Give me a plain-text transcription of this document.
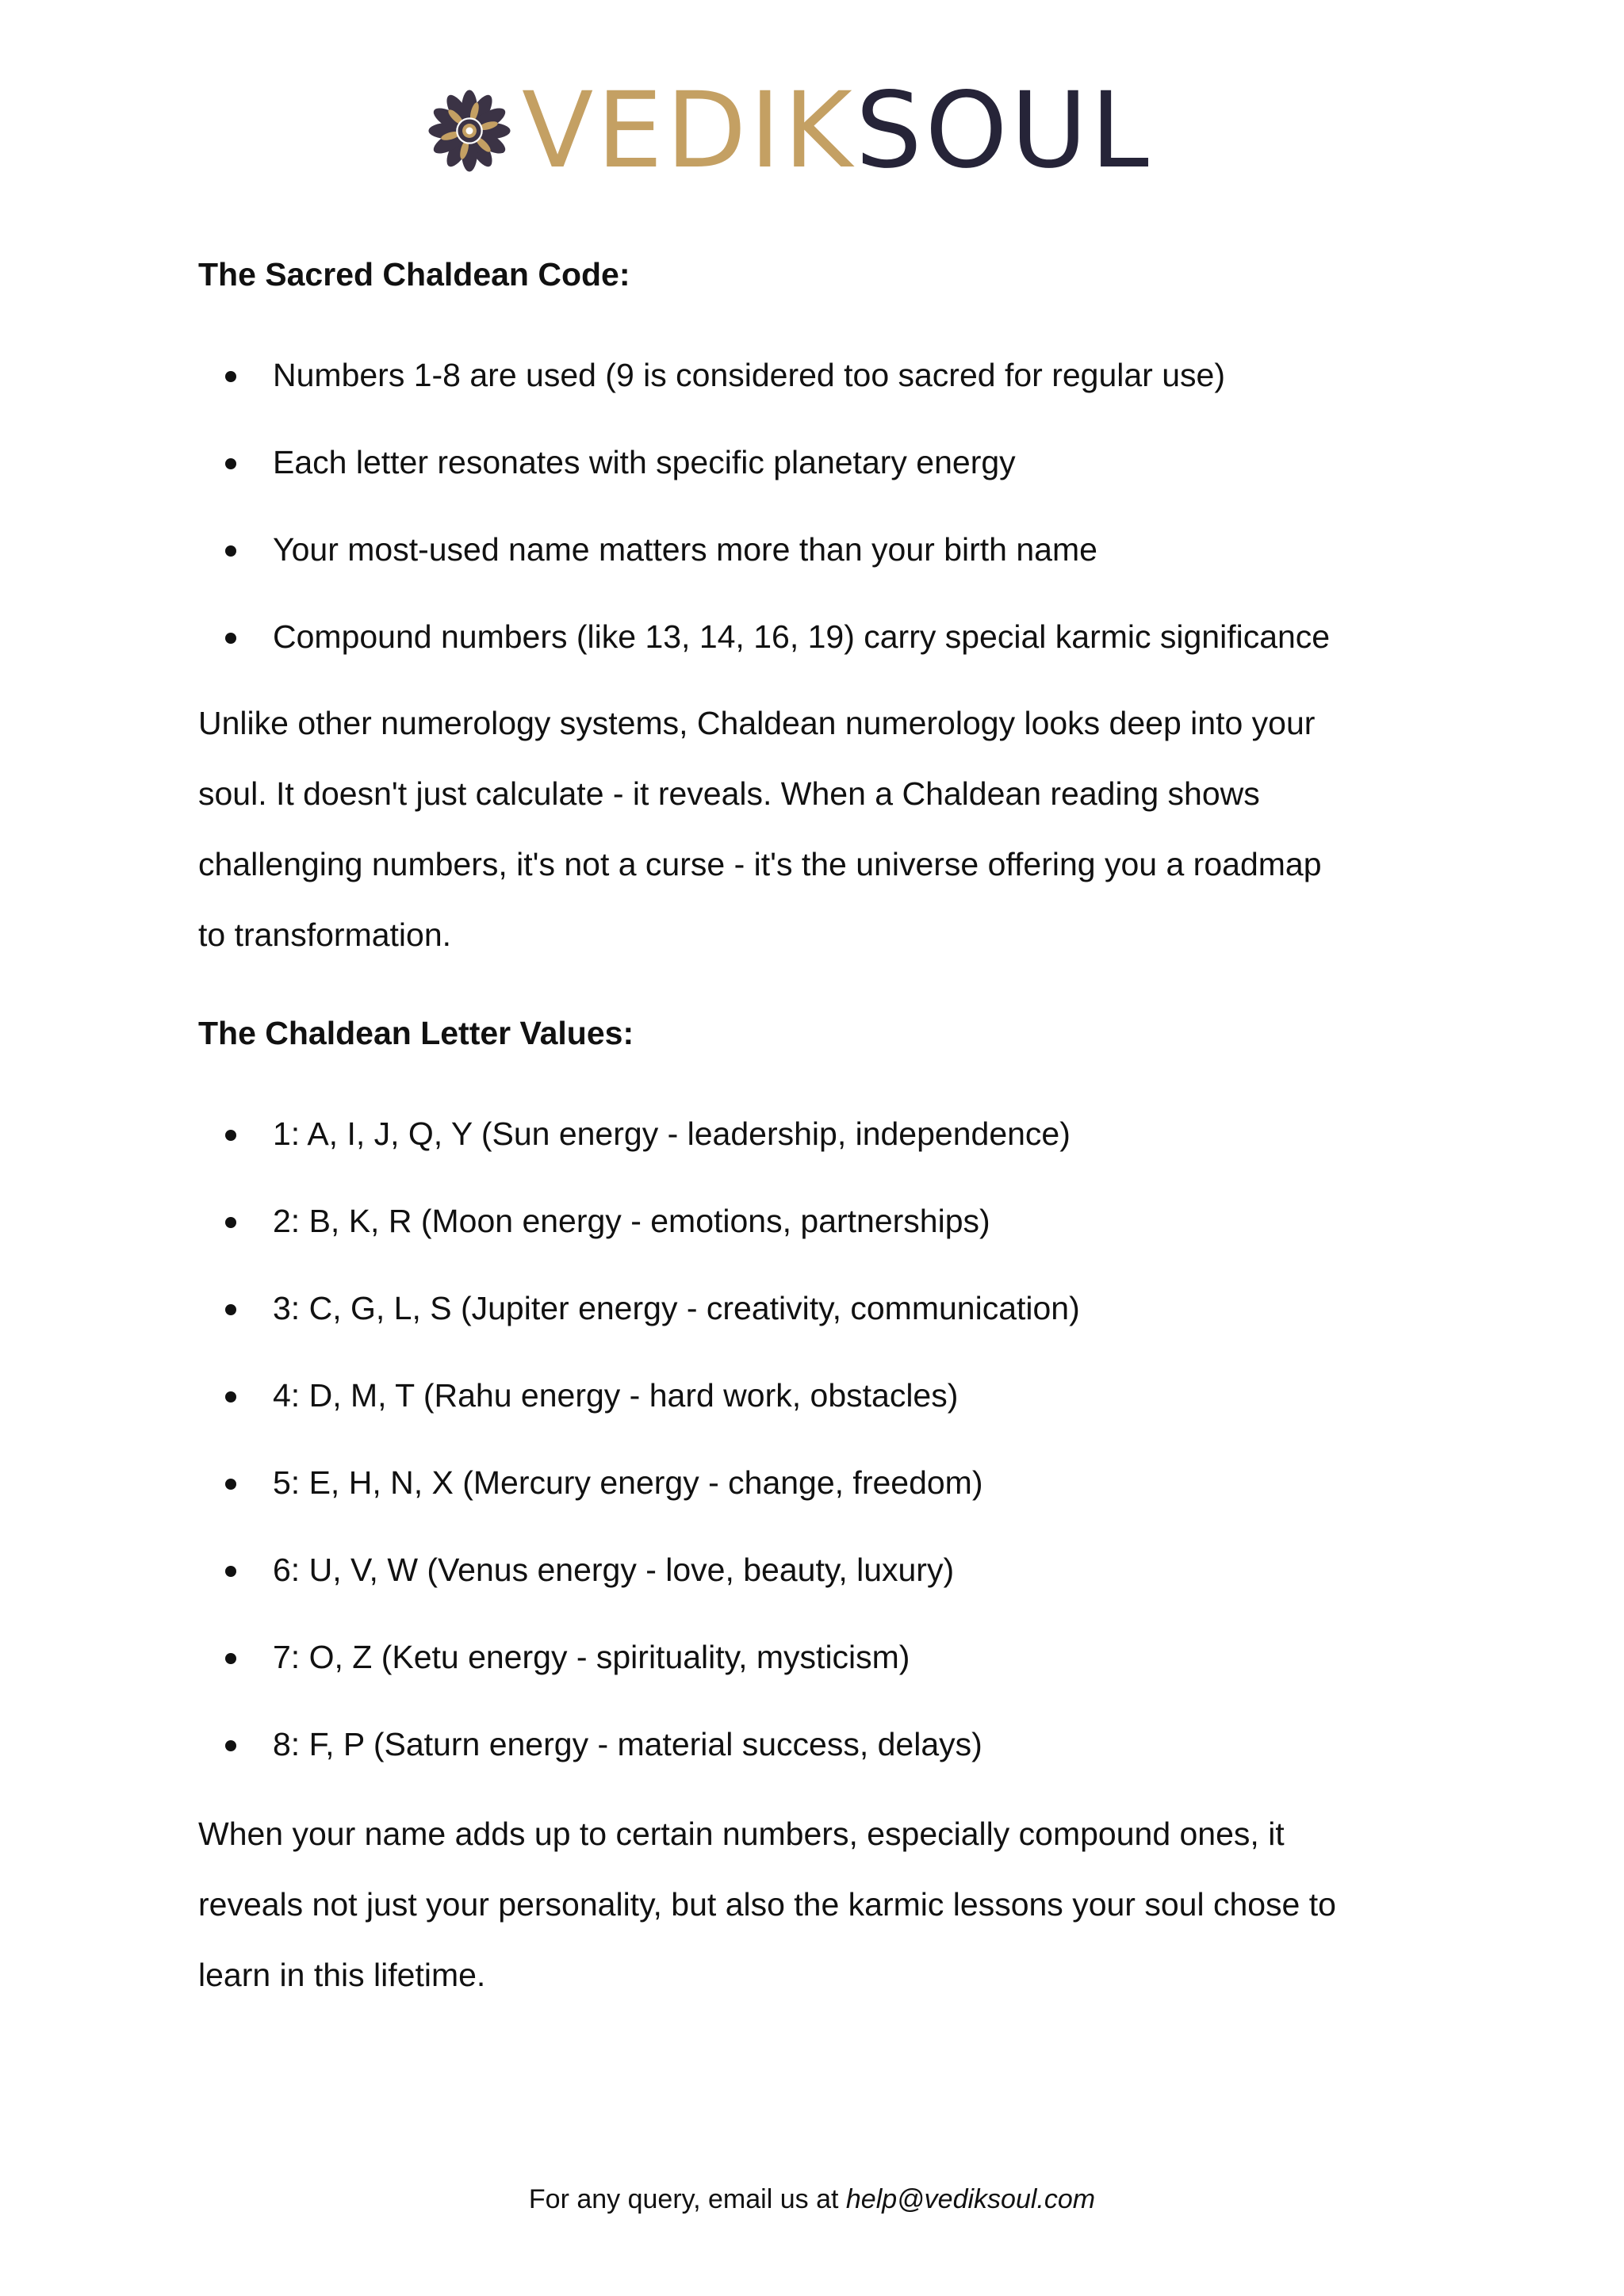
VEDIKSOUL
The Sacred Chaldean Code:
Numbers 1-8 are used (9 is considered too sacred for regular use)
Each letter resonates with specific planetary energy
Your most-used name matters more than your birth name
Compound numbers (like 13, 14, 16, 19) carry special karmic significance

Unlike other numerology systems, Chaldean numerology looks deep into your
soul. It doesn't just calculate - it reveals. When a Chaldean reading shows
challenging numbers, it's not a curse - it's the universe offering you a roadmap
to transformation.

The Chaldean Letter Values:
1: A, I, J, Q, Y (Sun energy - leadership, independence)
2: B, K, R (Moon energy - emotions, partnerships)
3: C, G, L, S (Jupiter energy - creativity, communication)
4: D, M, T (Rahu energy - hard work, obstacles)
5: E, H, N, X (Mercury energy - change, freedom)
6: U, V, W (Venus energy - love, beauty, luxury)
7: O, Z (Ketu energy - spirituality, mysticism)
8: F, P (Saturn energy - material success, delays)

When your name adds up to certain numbers, especially compound ones, it
reveals not just your personality, but also the karmic lessons your soul chose to
learn in this lifetime.

For any query, email us at help@vediksoul.com
